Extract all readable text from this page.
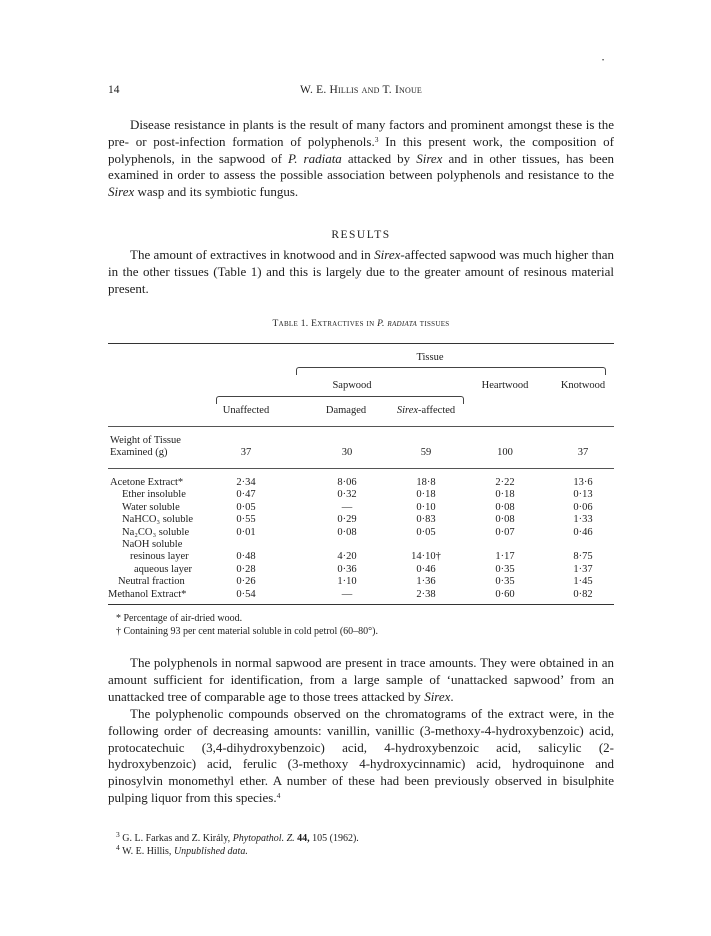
•
14	W. E. Hillis and T. Inoue

Disease resistance in plants is the result of many factors and prominent amongst these is the pre- or post-infection formation of polyphenols.$^3$ In this present work, the composition of polyphenols, in the sapwood of P. radiata attacked by Sirex and in other tissues, has been examined in order to assess the possible association between polyphenols and resistance to the Sirex wasp and its symbiotic fungus.

RESULTS

The amount of extractives in knotwood and in Sirex-affected sapwood was much higher than in the other tissues (Table 1) and this is largely due to the greater amount of resinous material present.

Table 1. Extractives in P. radiata tissues
Tissue
Sapwood	Heartwood	Knotwood
Unaffected	Damaged	Sirex-affected
Weight of Tissue
Examined (g)	37	30	59	100	37
Acetone Extract*	2·34	8·06	18·8	2·22	13·6
Ether insoluble	0·47	0·32	0·18	0·18	0·13
Water soluble	0·05	—	0·10	0·08	0·06
NaHCO₃ soluble	0·55	0·29	0·83	0·08	1·33
Na₂CO₃ soluble	0·01	0·08	0·05	0·07	0·46
NaOH soluble
resinous layer	0·48	4·20	14·10†	1·17	8·75
aqueous layer	0·28	0·36	0·46	0·35	1·37
Neutral fraction	0·26	1·10	1·36	0·35	1·45
Methanol Extract*	0·54	—	2·38	0·60	0·82
* Percentage of air-dried wood.
† Containing 93 per cent material soluble in cold petrol (60–80°).

The polyphenols in normal sapwood are present in trace amounts. They were obtained in an amount sufficient for identification, from a large sample of ‘unattacked sapwood’ from an unattacked tree of comparable age to those trees attacked by Sirex.

The polyphenolic compounds observed on the chromatograms of the extract were, in the following order of decreasing amounts: vanillin, vanillic (3-methoxy-4-hydroxybenzoic) acid, protocatechuic (3,4-dihydroxybenzoic) acid, 4-hydroxybenzoic acid, salicylic (2-hydroxybenzoic) acid, ferulic (3-methoxy 4-hydroxycinnamic) acid, hydroquinone and pinosylvin monomethyl ether. A number of these had been previously observed in bisulphite pulping liquor from this species.$^4$

$^3$ G. L. Farkas and Z. Király, Phytopathol. Z. 44, 105 (1962).
$^4$ W. E. Hillis, Unpublished data.
